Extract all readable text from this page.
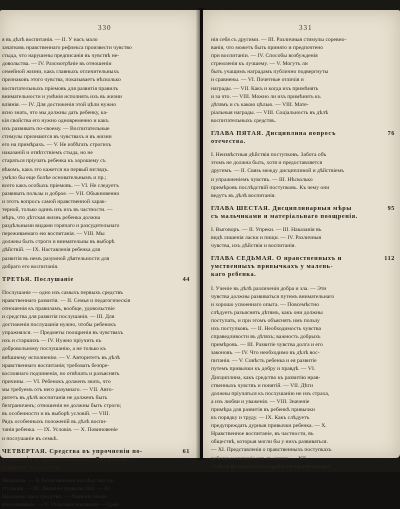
330
я въ дѣлѣ воспитанія. — II. У насъ мало
зачатковъ нравственнаго рефлекса произвести чувство
стыда, что нарушены предписанія въ чувствѣ не-
довольства. — IV. Разсмотрѣніе въ отношеніи
семейной жизни, какъ главныхъ отличительныхъ
признаковъ этого чувства, показываетъ нѣсколько
воспитательныхъ пріемовъ для развитія правилъ
внимательности и умѣнія исполнять ихъ въ жизни
вліянія. — IV. Для достиженія этой цѣли нужно
ясно знать, что мы должны дать ребенку, ка-
кія свойства его нужно одновременно и какъ
ихъ развивать по-своему. — Воспитательные
стимулы признаются въ чувствахъ и въ жизни
его на примѣрахъ. — V. Не избѣгать строгихъ
наказаній и отвѣтствіемъ стыда, но не
стараться пріучать ребенка къ хорошему съ
вѣкомъ, какъ это кажется на первый взглядъ.
умѣло бы еще болѣе основательнымъ и пр.;
всего какъ особыхъ пріемовъ. — VI. Не следуетъ
развивать пользы и доброе. — VII. Обыкновенно
и этотъ вопросъ самой нравственной харак-
терной, только одинъ изъ ихъ въ частности. —
мѣръ, что дѣтская жизнь ребенка должна
раздѣльными видами горячаго и разсудительнаго
переживаемаго ею воспитанія. — VIII. Мы
должны быть строги и внимательны въ выборѣ
дѣйствій. — IX. Наставленія ребенка для
развитія въ немъ разумной дѣятельности для
добраго его воспитанія.
ТРЕТЬЯ. Послушаніе	44
Послушаніе — одно изъ самыхъ первыхъ средствъ
нравственнаго развитія. — II. Семья и педагогическія
отношенія къ правиламъ, вообще, удовольствіе
и средства для развитія послушанія. — III. Для
достиженія послушанія нужно, чтобы ребенокъ
упражнялся. — Предметы поощренія въ чувствахъ
ихъ и старшихъ — IV. Нужно пріучить къ
добровольному послушанію, а не только къ
внѣшнему исполненію. — V. Авторитетъ въ дѣлѣ
нравственнаго воспитанія; требовать безпре-
кословнаго подчиненія, но отвѣчать и разъяснять
причины. — VI. Ребенокъ долженъ знать, что
мы требуемъ отъ него разумнаго. — VII. Авто-
ритетъ въ дѣлѣ воспитанія не долженъ быть
безграниченъ; отношенія не должны быть строги;
въ особенности и въ выборѣ условій. — VIII.
Рядъ особенныхъ положеній въ дѣлѣ воспи-
танія ребенка. — IX. Условія. — X. Повиновеніе
и послушаніе въ семьѣ.
ЧЕТВЕРТАЯ. Средства въ упрочненіи по-	61
слушанія и нравственнаго. Дисципли-
нарныя средства.
Наказанія. — II. Естественныя послѣдствія по-
ступковъ. — III. Лишеніе удовольствій. — IV.
Наказаніе, какъ средство. — Лишеніе пищи.
Изолированіе. — V. Тѣлесныя наказанія — Срав-
331
нія себя съ другими. — III. Различныя стимулы соревно-
ванія, что можетъ быть принято и предпочтено
при воспитаніи. — IV. Способы возбужденія
стремленія къ лучшему. — V. Могутъ ли
быть учащимъ наградамъ публично подвергнуты
и сравнены. — VI. Почетные отличія и
награды. — VII. Какъ и когда ихъ примѣнять
и за что. — VIII. Можно ли ихъ примѣнить къ
дѣтямъ и съ какою цѣлью. — VIII. Мате-
ріальныя награды. — VIII. Соціальность въ дѣлѣ
воспитательныхъ средствъ.
ГЛАВА ПЯТАЯ. Дисциплина вопросъ	76
отечества.
I. Неизвѣстныя дѣйствія поступковъ. Забота объ
этомъ не должна быть, хотя и предоставляется
другимъ. — II. Связь между дисциплиной и дѣйствіемъ
и упражненіемъ чувствъ. — III. Нѣсколько
примѣровъ послѣдствій поступковъ. Къ чему они
ведутъ въ дѣлѣ воспитанія.
ГЛАВА ШЕСТАЯ. Дисциплинарныя мѣры	95
съ мальчиками и матеріальнаго поощренія.
I. Выговоръ. — II. Упреки. — III. Наказанія въ
видѣ лишенія ласки и пищи. — IV. Различныя
чувства, ихъ дѣйствія и воспитанія.
ГЛАВА СЕДЬМАЯ. О нравственныхъ и	112
умственныхъ привычкахъ у малень-
каго ребенка.
I. Ученіе въ дѣлѣ различенія добра и зла. — Эти
чувства должны развиваться путемъ внимательнаго
и хорошо усвоеннаго опыта. — Повсемѣстно
слѣдуетъ разъяснять дѣтямъ, какъ они должны
поступать, и при этомъ объяснять имъ пользу
ихъ поступковъ. — II. Необходимость чувства
справедливости въ дѣтяхъ; важность добрыхъ
примѣровъ. — III. Развитіе чувства долга и его
законовъ. — IV. Что необходимо въ дѣлѣ вос-
питанія. — V. Совѣсть ребенка и ея развитіе
путемъ привычки къ добру и правдѣ. — VI.
Дисциплина, какъ средство къ развитію нрав-
ственныхъ чувствъ и понятій. — VII. Дѣти
должны пріучаться къ послушанію не изъ страха,
а изъ любви и уваженія. — VIII. Значеніе
примѣра для развитія въ ребенкѣ привычки
къ порядку и труду. — IX. Какъ слѣдуетъ
предупреждать дурныя привычки ребенка. — X.
Нравственное воспитаніе, въ частности, въ
обществѣ, которыя могли бы у нихъ развиваться.
— XI. Представленія о правственныхъ поступкахъ
ребенка и значеніе ихъ въ жизни. — XII.
Совѣты въ сущности съ крайне незначительными
